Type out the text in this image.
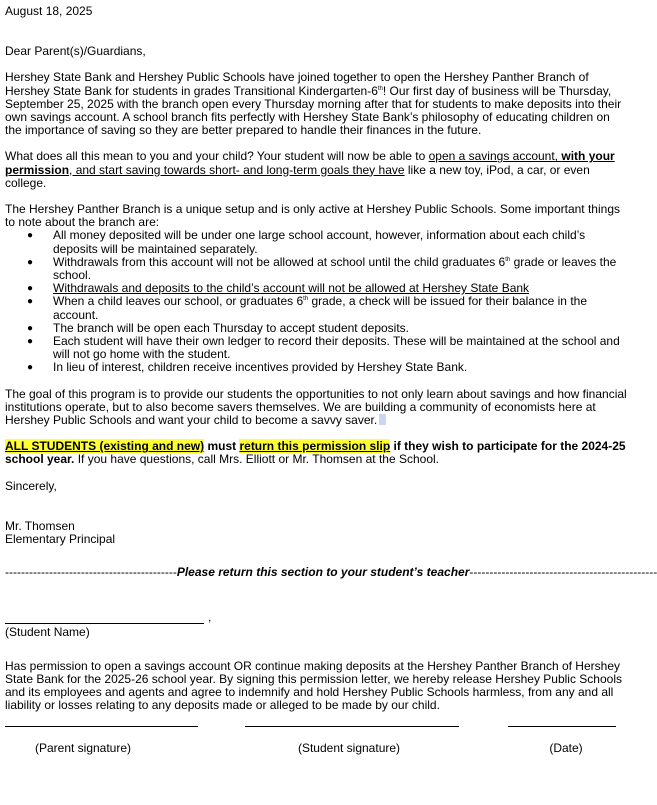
August 18, 2025

Dear Parent(s)/Guardians,

Hershey State Bank and Hershey Public Schools have joined together to open the Hershey Panther Branch of Hershey State Bank for students in grades Transitional Kindergarten-6th! Our first day of business will be Thursday, September 25, 2025 with the branch open every Thursday morning after that for students to make deposits into their own savings account. A school branch fits perfectly with Hershey State Bank’s philosophy of educating children on the importance of saving so they are better prepared to handle their finances in the future.

What does all this mean to you and your child? Your student will now be able to open a savings account, with your permission, and start saving towards short- and long-term goals they have like a new toy, iPod, a car, or even college.

The Hershey Panther Branch is a unique setup and is only active at Hershey Public Schools. Some important things to note about the branch are:

● All money deposited will be under one large school account, however, information about each child’s deposits will be maintained separately.
● Withdrawals from this account will not be allowed at school until the child graduates 6th grade or leaves the school.
● Withdrawals and deposits to the child’s account will not be allowed at Hershey State Bank
● When a child leaves our school, or graduates 6th grade, a check will be issued for their balance in the account.
● The branch will be open each Thursday to accept student deposits.
● Each student will have their own ledger to record their deposits. These will be maintained at the school and will not go home with the student.
● In lieu of interest, children receive incentives provided by Hershey State Bank.

The goal of this program is to provide our students the opportunities to not only learn about savings and how financial institutions operate, but to also become savers themselves. We are building a community of economists here at Hershey Public Schools and want your child to become a savvy saver.

ALL STUDENTS (existing and new) must return this permission slip if they wish to participate for the 2024-25 school year. If you have questions, call Mrs. Elliott or Mr. Thomsen at the School.

Sincerely,

Mr. Thomsen

Elementary Principal

------------------------------------------- Please return this section to your student’s teacher -----------------------------------------------
,

(Student Name)

Has permission to open a savings account OR continue making deposits at the Hershey Panther Branch of Hershey State Bank for the 2025-26 school year. By signing this permission letter, we hereby release Hershey Public Schools and its employees and agents and agree to indemnify and hold Hershey Public Schools harmless, from any and all liability or losses relating to any deposits made or alleged to be made by our child.

(Parent signature)	(Student signature)	(Date)
